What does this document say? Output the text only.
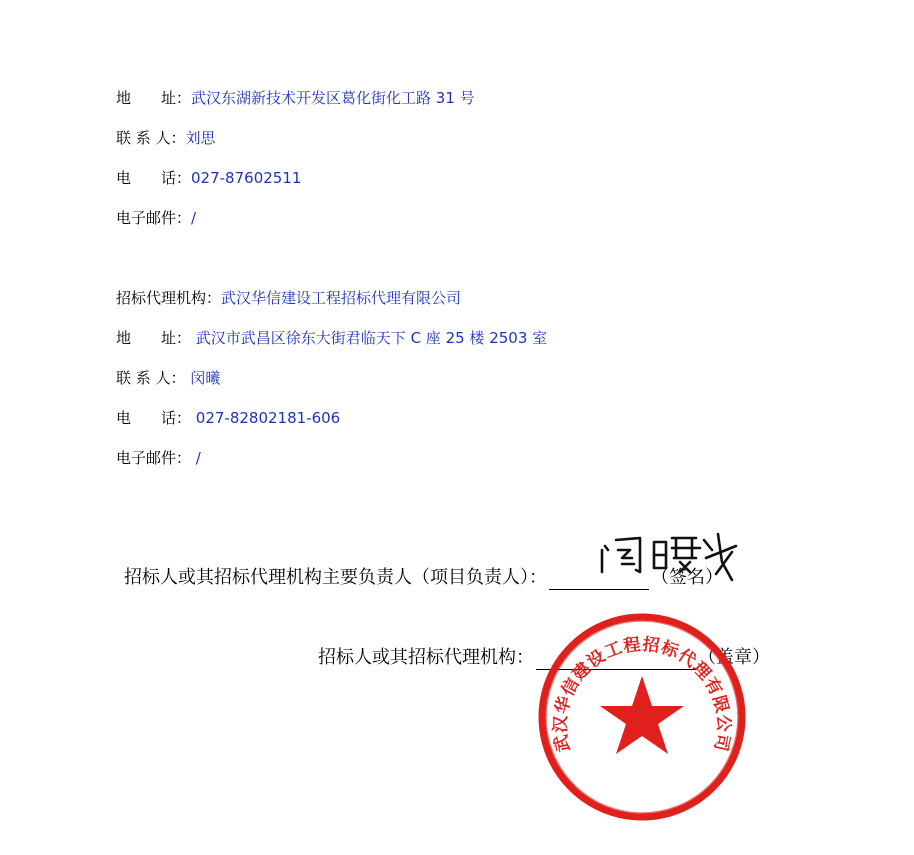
地　　址：武汉东湖新技术开发区葛化街化工路 31 号
联 系 人：刘思
电　　话：027-87602511
电子邮件：/
招标代理机构：武汉华信建设工程招标代理有限公司
地　　址： 武汉市武昌区徐东大街君临天下 C 座 25 楼 2503 室
联 系 人： 闵曦
电　　话： 027-82802181-606
电子邮件： /
招标人或其招标代理机构主要负责人（项目负责人）：	（签名）
招标人或其招标代理机构：	（盖章）
武汉华信建设工程招标代理有限公司
